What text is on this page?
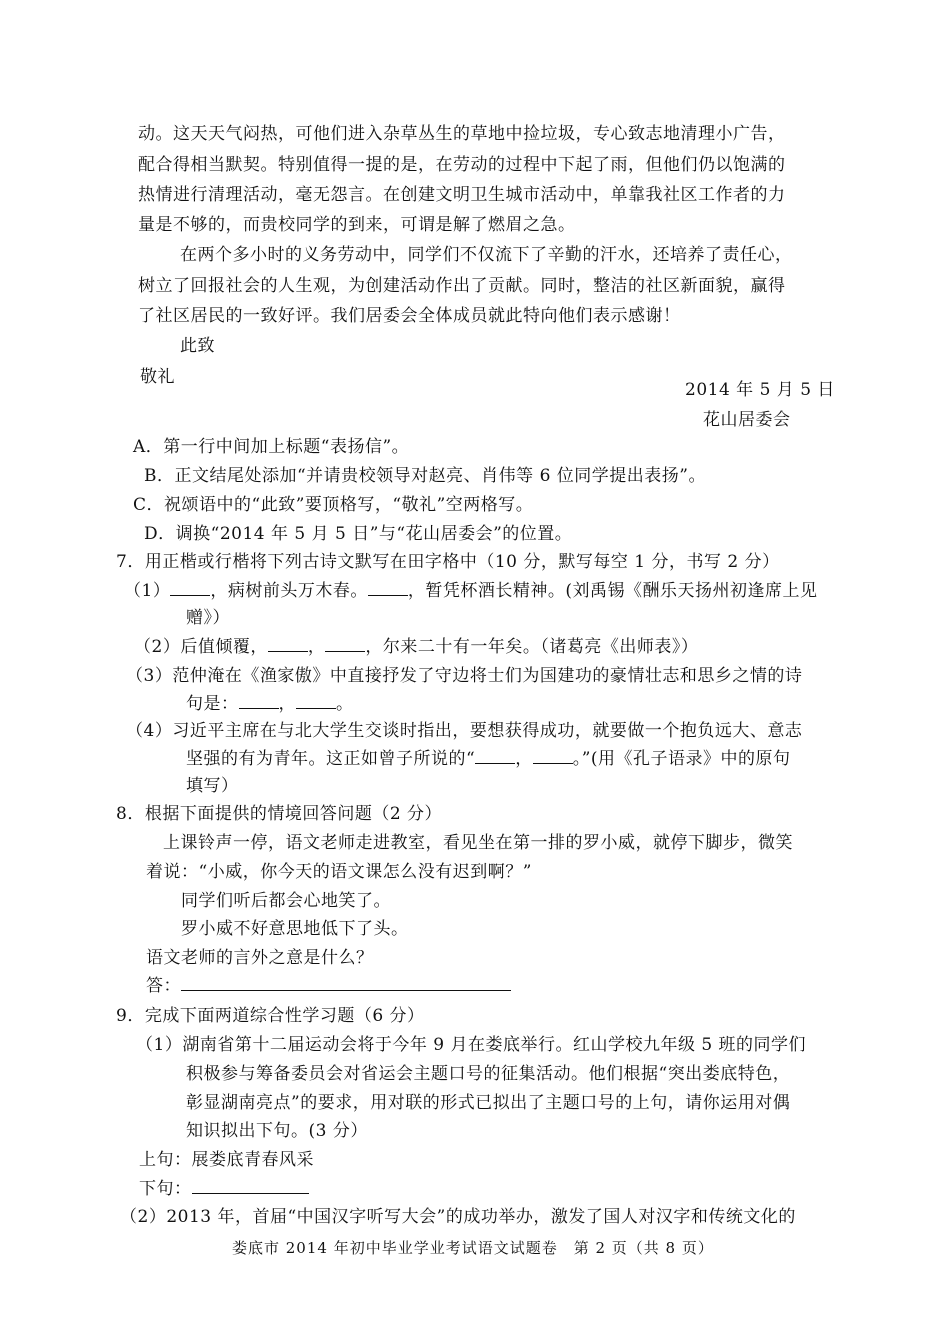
动。这天天气闷热，可他们进入杂草丛生的草地中捡垃圾，专心致志地清理小广告，
配合得相当默契。特别值得一提的是，在劳动的过程中下起了雨，但他们仍以饱满的
热情进行清理活动，毫无怨言。在创建文明卫生城市活动中，单靠我社区工作者的力
量是不够的，而贵校同学的到来，可谓是解了燃眉之急。
在两个多小时的义务劳动中，同学们不仅流下了辛勤的汗水，还培养了责任心，
树立了回报社会的人生观，为创建活动作出了贡献。同时，整洁的社区新面貌，赢得
了社区居民的一致好评。我们居委会全体成员就此特向他们表示感谢！
此致
敬礼
2014 年 5 月 5 日
花山居委会
A．第一行中间加上标题“表扬信”。
B．正文结尾处添加“并请贵校领导对赵亮、肖伟等 6 位同学提出表扬”。
C．祝颂语中的“此致”要顶格写，“敬礼”空两格写。
D．调换“2014 年 5 月 5 日”与“花山居委会”的位置。
7．用正楷或行楷将下列古诗文默写在田字格中（10 分，默写每空 1 分，书写 2 分）
（1） ，病树前头万木春。 ，暂凭杯酒长精神。(刘禹锡《酬乐天扬州初逢席上见
赠》）
（2）后值倾覆， ， ，尔来二十有一年矣。（诸葛亮《出师表》）
（3）范仲淹在《渔家傲》中直接抒发了守边将士们为国建功的豪情壮志和思乡之情的诗
句是： ， 。
（4）习近平主席在与北大学生交谈时指出，要想获得成功，就要做一个抱负远大、意志
坚强的有为青年。这正如曾子所说的“ ， 。”(用《孔子语录》中的原句
填写）
8．根据下面提供的情境回答问题（2 分）
上课铃声一停，语文老师走进教室，看见坐在第一排的罗小威，就停下脚步，微笑
着说：“小威，你今天的语文课怎么没有迟到啊？”
同学们听后都会心地笑了。
罗小威不好意思地低下了头。
语文老师的言外之意是什么？
答：
9．完成下面两道综合性学习题（6 分）
（1）湖南省第十二届运动会将于今年 9 月在娄底举行。红山学校九年级 5 班的同学们
积极参与筹备委员会对省运会主题口号的征集活动。他们根据“突出娄底特色，
彰显湖南亮点”的要求，用对联的形式已拟出了主题口号的上句，请你运用对偶
知识拟出下句。(3 分）
上句：展娄底青春风采
下句：
（2）2013 年，首届“中国汉字听写大会”的成功举办，激发了国人对汉字和传统文化的
娄底市 2014 年初中毕业学业考试语文试题卷　第 2 页（共 8 页）
